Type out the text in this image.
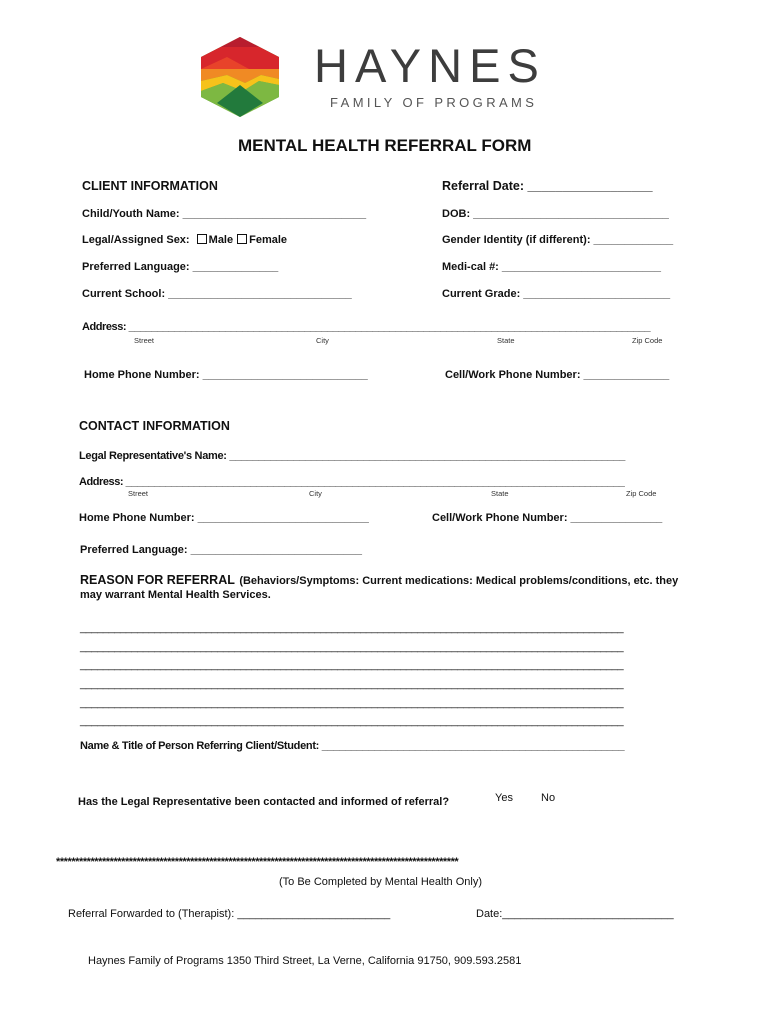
HAYNES
FAMILY OF PROGRAMS
MENTAL HEALTH REFERRAL FORM
CLIENT INFORMATION	Referral Date: __________________
Child/Youth Name: ______________________________	DOB: ________________________________
Legal/Assigned Sex: Male Female	Gender Identity (if different): _____________
Preferred Language: ______________	Medi-cal #: __________________________
Current School: ______________________________	Current Grade: ________________________
Address: ____________________________________________________________________________________________
Street	City	State	Zip Code
Home Phone Number: ___________________________	Cell/Work Phone Number: ______________
CONTACT INFORMATION
Legal Representative's Name: ____________________________________________________________________
Address: ________________________________________________________________________________________
Street	City	State	Zip Code
Home Phone Number: ____________________________	Cell/Work Phone Number: _______________
Preferred Language: ____________________________
REASON FOR REFERRAL (Behaviors/Symptoms: Current medications: Medical problems/conditions, etc. they
may warrant Mental Health Services.
_______________________________________________________________________________________________
_______________________________________________________________________________________________
_______________________________________________________________________________________________
_______________________________________________________________________________________________
_______________________________________________________________________________________________
_______________________________________________________________________________________________
Name & Title of Person Referring Client/Student: ____________________________________________________
Has the Legal Representative been contacted and informed of referral?	Yes	No
*********************************************************************************************************
(To Be Completed by Mental Health Only)
Referral Forwarded to (Therapist): _________________________	Date:____________________________
Haynes Family of Programs 1350 Third Street, La Verne, California 91750, 909.593.2581
